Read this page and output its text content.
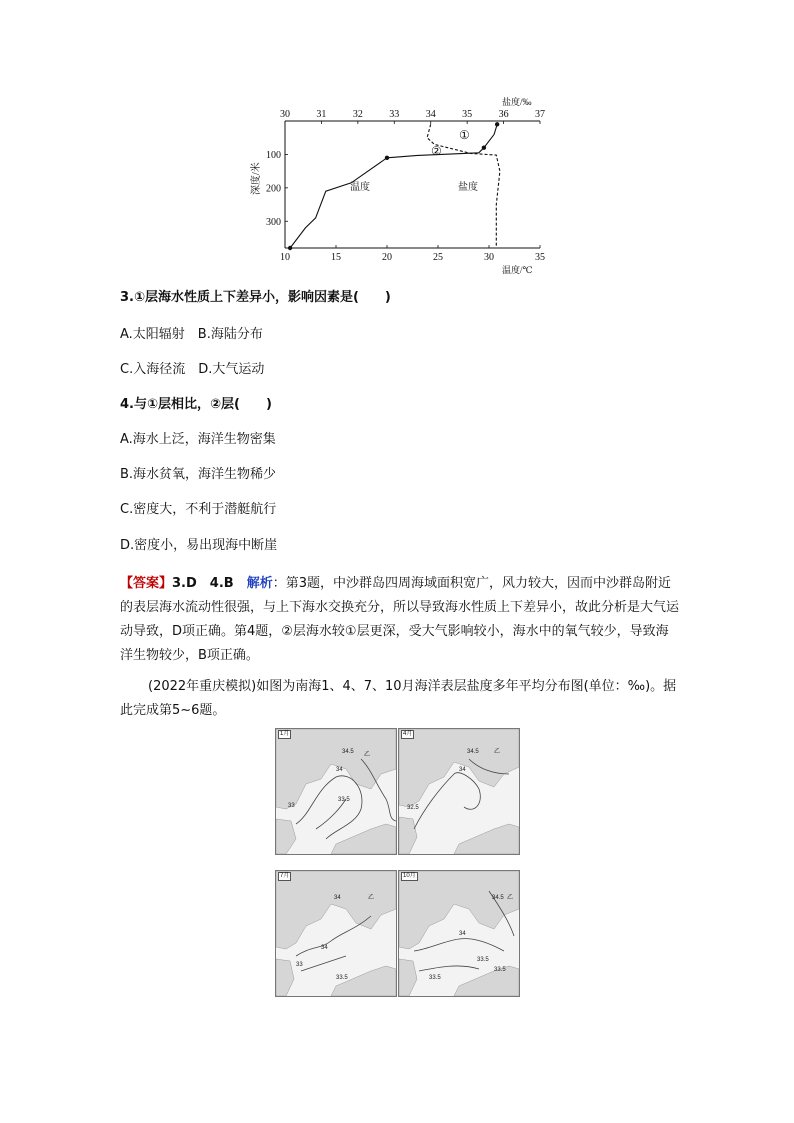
盐度/‰
30	31	32	33	34	35	36	37
100
200
300
深度/米
10	15	20	25	30	35
温度/℃
①
②
温度	盐度
3.①层海水性质上下差异小，影响因素是(　　)
A.太阳辐射　B.海陆分布
C.入海径流　D.大气运动
4.与①层相比，②层(　　)
A.海水上泛，海洋生物密集
B.海水贫氧，海洋生物稀少
C.密度大，不利于潜艇航行
D.密度小，易出现海中断崖
【答案】3.D　4.B　解析：第3题，中沙群岛四周海域面积宽广，风力较大，因而中沙群岛附近的表层海水流动性很强，与上下海水交换充分，所以导致海水性质上下差异小，故此分析是大气运动导致，D项正确。第4题，②层海水较①层更深，受大气影响较小，海水中的氧气较少，导致海洋生物较少，B项正确。
(2022年重庆模拟)如图为南海1、4、7、10月海洋表层盐度多年平均分布图(单位：‰)。据此完成第5~6题。
34.5 乙
34
33.5
33
1月
34.5	乙
34
32.5
4月
34	乙
34
33
33.5
7月
34.5 乙
34
33.5
33.5
33.5
10月
